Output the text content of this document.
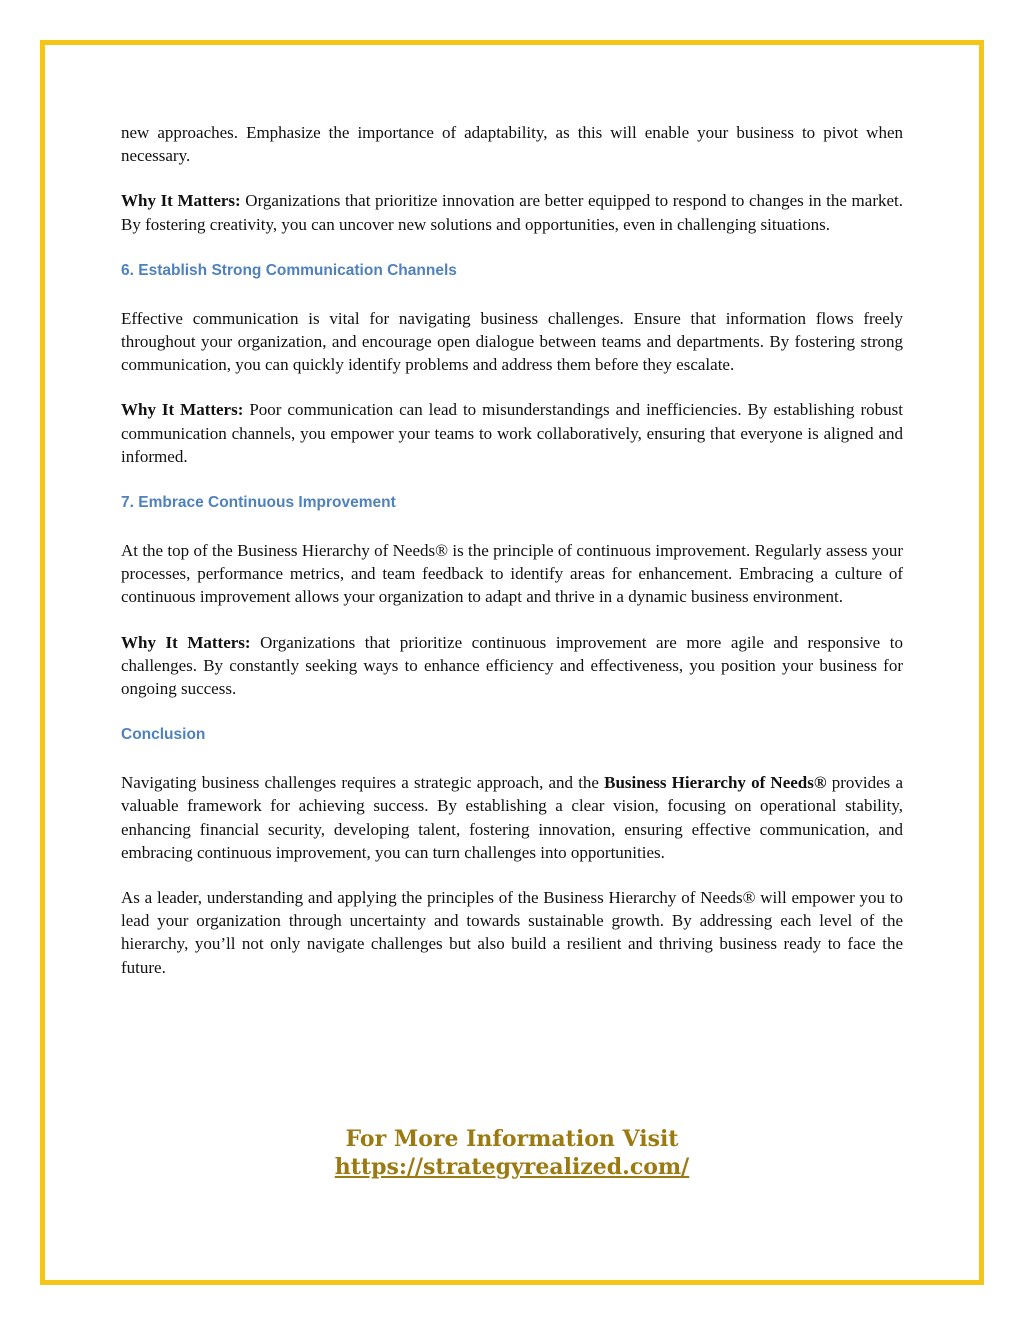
new approaches. Emphasize the importance of adaptability, as this will enable your business to pivot when necessary.

Why It Matters: Organizations that prioritize innovation are better equipped to respond to changes in the market. By fostering creativity, you can uncover new solutions and opportunities, even in challenging situations.

6. Establish Strong Communication Channels

Effective communication is vital for navigating business challenges. Ensure that information flows freely throughout your organization, and encourage open dialogue between teams and departments. By fostering strong communication, you can quickly identify problems and address them before they escalate.

Why It Matters: Poor communication can lead to misunderstandings and inefficiencies. By establishing robust communication channels, you empower your teams to work collaboratively, ensuring that everyone is aligned and informed.

7. Embrace Continuous Improvement

At the top of the Business Hierarchy of Needs® is the principle of continuous improvement. Regularly assess your processes, performance metrics, and team feedback to identify areas for enhancement. Embracing a culture of continuous improvement allows your organization to adapt and thrive in a dynamic business environment.

Why It Matters: Organizations that prioritize continuous improvement are more agile and responsive to challenges. By constantly seeking ways to enhance efficiency and effectiveness, you position your business for ongoing success.

Conclusion

Navigating business challenges requires a strategic approach, and the Business Hierarchy of Needs® provides a valuable framework for achieving success. By establishing a clear vision, focusing on operational stability, enhancing financial security, developing talent, fostering innovation, ensuring effective communication, and embracing continuous improvement, you can turn challenges into opportunities.

As a leader, understanding and applying the principles of the Business Hierarchy of Needs® will empower you to lead your organization through uncertainty and towards sustainable growth. By addressing each level of the hierarchy, you’ll not only navigate challenges but also build a resilient and thriving business ready to face the future.

For More Information Visit
https://strategyrealized.com/
